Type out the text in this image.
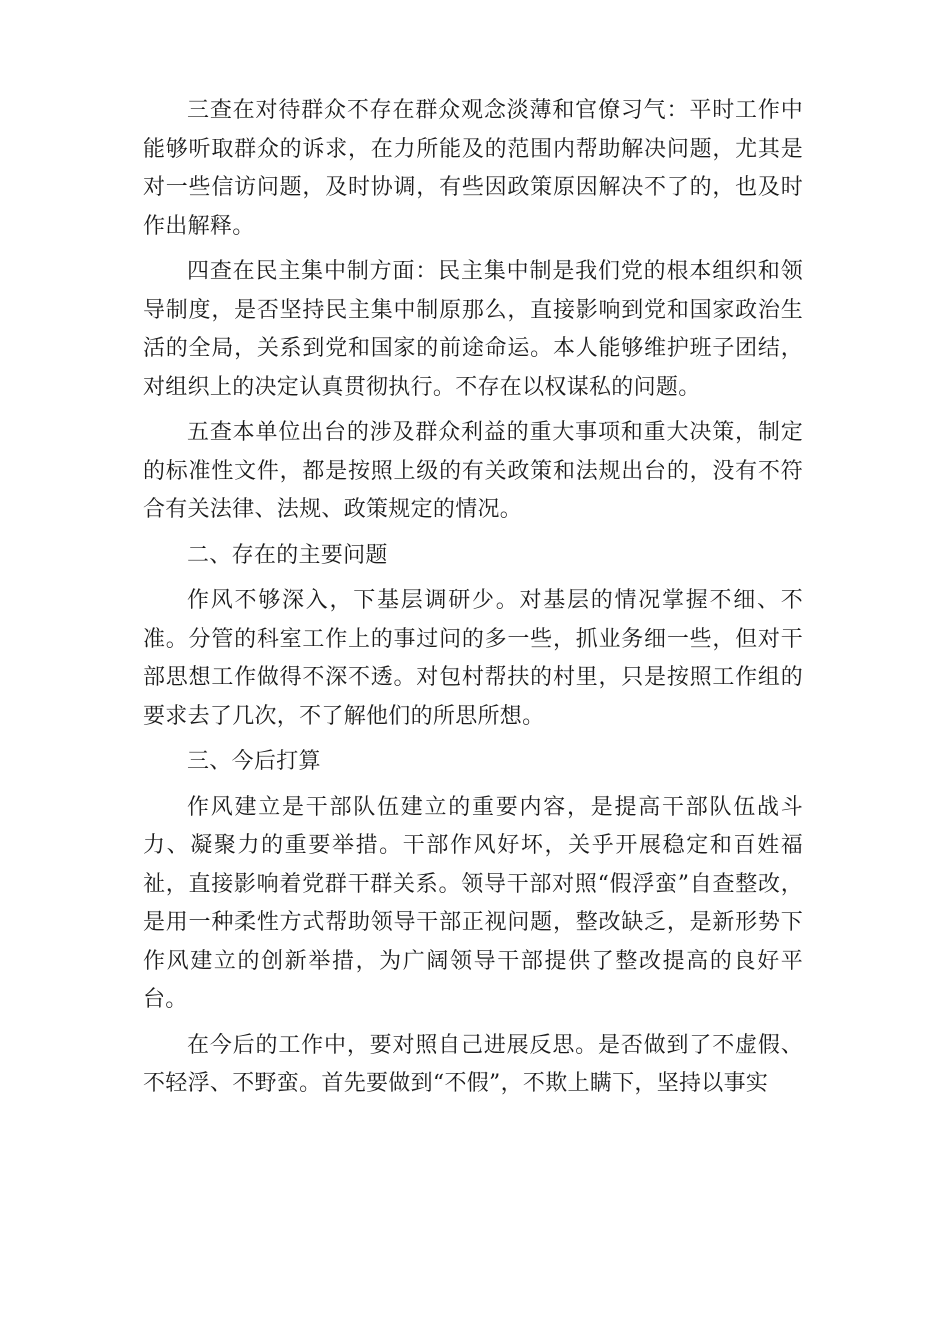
三查在对待群众不存在群众观念淡薄和官僚习气：平时工作中能够听取群众的诉求，在力所能及的范围内帮助解决问题，尤其是对一些信访问题，及时协调，有些因政策原因解决不了的，也及时作出解释。

四查在民主集中制方面：民主集中制是我们党的根本组织和领导制度，是否坚持民主集中制原那么，直接影响到党和国家政治生活的全局，关系到党和国家的前途命运。本人能够维护班子团结，对组织上的决定认真贯彻执行。不存在以权谋私的问题。

五查本单位出台的涉及群众利益的重大事项和重大决策，制定的标准性文件，都是按照上级的有关政策和法规出台的，没有不符合有关法律、法规、政策规定的情况。

二、存在的主要问题

作风不够深入，下基层调研少。对基层的情况掌握不细、不准。分管的科室工作上的事过问的多一些，抓业务细一些，但对干部思想工作做得不深不透。对包村帮扶的村里，只是按照工作组的要求去了几次，不了解他们的所思所想。

三、今后打算

作风建立是干部队伍建立的重要内容，是提高干部队伍战斗力、凝聚力的重要举措。干部作风好坏，关乎开展稳定和百姓福祉，直接影响着党群干群关系。领导干部对照“假浮蛮”自查整改，是用一种柔性方式帮助领导干部正视问题，整改缺乏，是新形势下作风建立的创新举措，为广阔领导干部提供了整改提高的良好平台。

在今后的工作中，要对照自己进展反思。是否做到了不虚假、不轻浮、不野蛮。首先要做到“不假”，不欺上瞒下，坚持以事实
